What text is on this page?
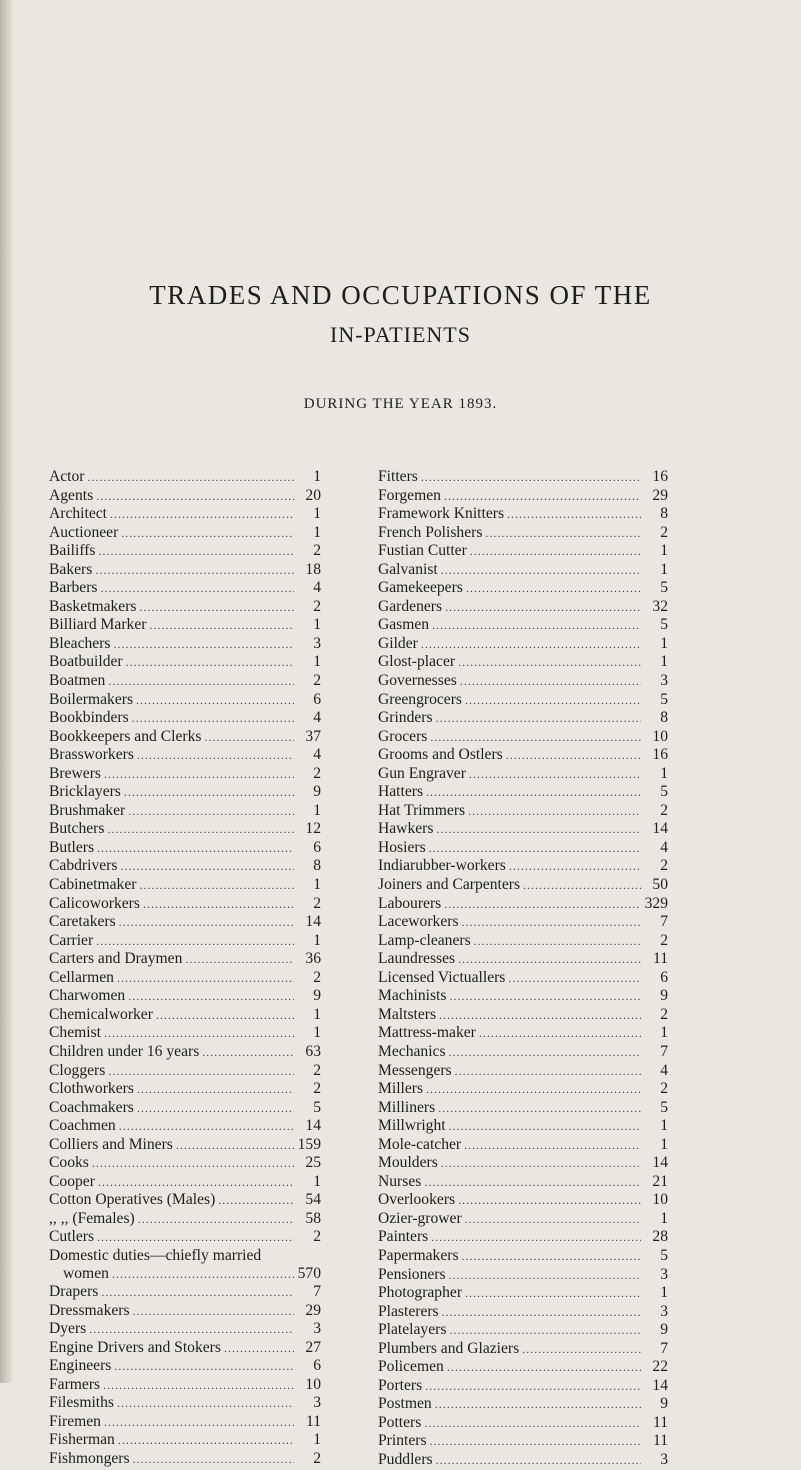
TRADES AND OCCUPATIONS OF THE
IN-PATIENTS
DURING THE YEAR 1893.
Actor .....	1
Agents .....	20
Architect .....	1
Auctioneer .....	1
Bailiffs .....	2
Bakers .....	18
Barbers .....	4
Basketmakers .....	2
Billiard Marker .....	1
Bleachers .....	3
Boatbuilder .....	1
Boatmen .....	2
Boilermakers .....	6
Bookbinders .....	4
Bookkeepers and Clerks .....	37
Brassworkers .....	4
Brewers .....	2
Bricklayers .....	9
Brushmaker .....	1
Butchers .....	12
Butlers .....	6
Cabdrivers .....	8
Cabinetmaker .....	1
Calicoworkers .....	2
Caretakers .....	14
Carrier .....	1
Carters and Draymen .....	36
Cellarmen .....	2
Charwomen .....	9
Chemicalworker .....	1
Chemist .....	1
Children under 16 years .....	63
Cloggers .....	2
Clothworkers .....	2
Coachmakers .....	5
Coachmen .....	14
Colliers and Miners .....	159
Cooks .....	25
Cooper .....	1
Cotton Operatives (Males) .....	54
,, ,, (Females) .....	58
Cutlers .....	2
Domestic duties—chiefly married
women .....	570
Drapers .....	7
Dressmakers .....	29
Dyers .....	3
Engine Drivers and Stokers .....	27
Engineers .....	6
Farmers .....	10
Filesmiths .....	3
Firemen .....	11
Fisherman .....	1
Fishmongers .....	2
Fitters .....	16
Forgemen .....	29
Framework Knitters .....	8
French Polishers .....	2
Fustian Cutter .....	1
Galvanist .....	1
Gamekeepers .....	5
Gardeners .....	32
Gasmen .....	5
Gilder .....	1
Glost-placer .....	1
Governesses .....	3
Greengrocers .....	5
Grinders .....	8
Grocers .....	10
Grooms and Ostlers .....	16
Gun Engraver .....	1
Hatters .....	5
Hat Trimmers .....	2
Hawkers .....	14
Hosiers .....	4
Indiarubber-workers .....	2
Joiners and Carpenters .....	50
Labourers .....	329
Laceworkers .....	7
Lamp-cleaners .....	2
Laundresses .....	11
Licensed Victuallers .....	6
Machinists .....	9
Maltsters .....	2
Mattress-maker .....	1
Mechanics .....	7
Messengers .....	4
Millers .....	2
Milliners .....	5
Millwright .....	1
Mole-catcher .....	1
Moulders .....	14
Nurses .....	21
Overlookers .....	10
Ozier-grower .....	1
Painters .....	28
Papermakers .....	5
Pensioners .....	3
Photographer .....	1
Plasterers .....	3
Platelayers .....	9
Plumbers and Glaziers .....	7
Policemen .....	22
Porters .....	14
Postmen .....	9
Potters .....	11
Printers .....	11
Puddlers .....	3
